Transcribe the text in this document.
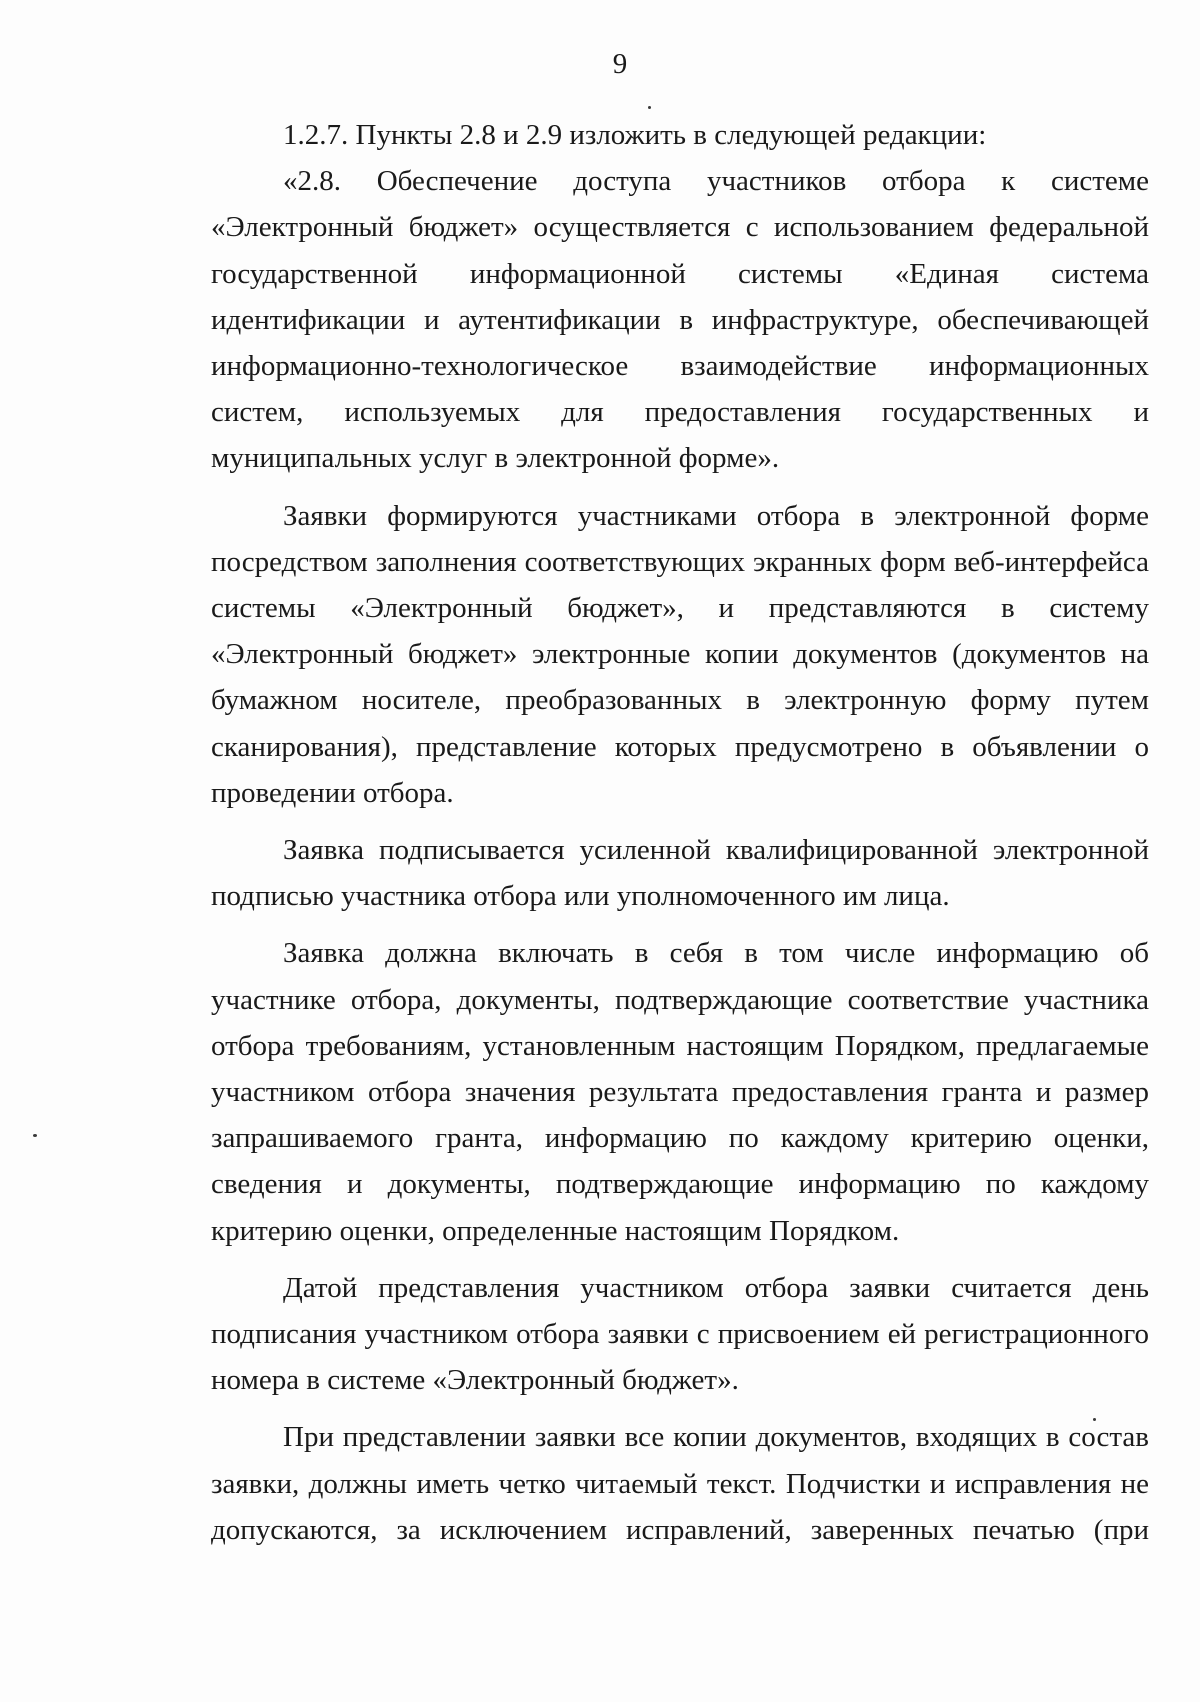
9

1.2.7. Пункты 2.8 и 2.9 изложить в следующей редакции:

«2.8. Обеспечение доступа участников отбора к системе «Электронный бюджет» осуществляется с использованием федеральной государственной информационной системы «Единая система идентификации и аутентификации в инфраструктуре, обеспечивающей информационно-технологическое взаимодействие информационных систем, используемых для предоставления государственных и муниципальных услуг в электронной форме».

Заявки формируются участниками отбора в электронной форме посредством заполнения соответствующих экранных форм веб-интерфейса системы «Электронный бюджет», и представляются в систему «Электронный бюджет» электронные копии документов (документов на бумажном носителе, преобразованных в электронную форму путем сканирования), представление которых предусмотрено в объявлении о проведении отбора.

Заявка подписывается усиленной квалифицированной электронной подписью участника отбора или уполномоченного им лица.

Заявка должна включать в себя в том числе информацию об участнике отбора, документы, подтверждающие соответствие участника отбора требованиям, установленным настоящим Порядком, предлагаемые участником отбора значения результата предоставления гранта и размер запрашиваемого гранта, информацию по каждому критерию оценки, сведения и документы, подтверждающие информацию по каждому критерию оценки, определенные настоящим Порядком.

Датой представления участником отбора заявки считается день подписания участником отбора заявки с присвоением ей регистрационного номера в системе «Электронный бюджет».

При представлении заявки все копии документов, входящих в состав заявки, должны иметь четко читаемый текст. Подчистки и исправления не допускаются, за исключением исправлений, заверенных печатью (при
